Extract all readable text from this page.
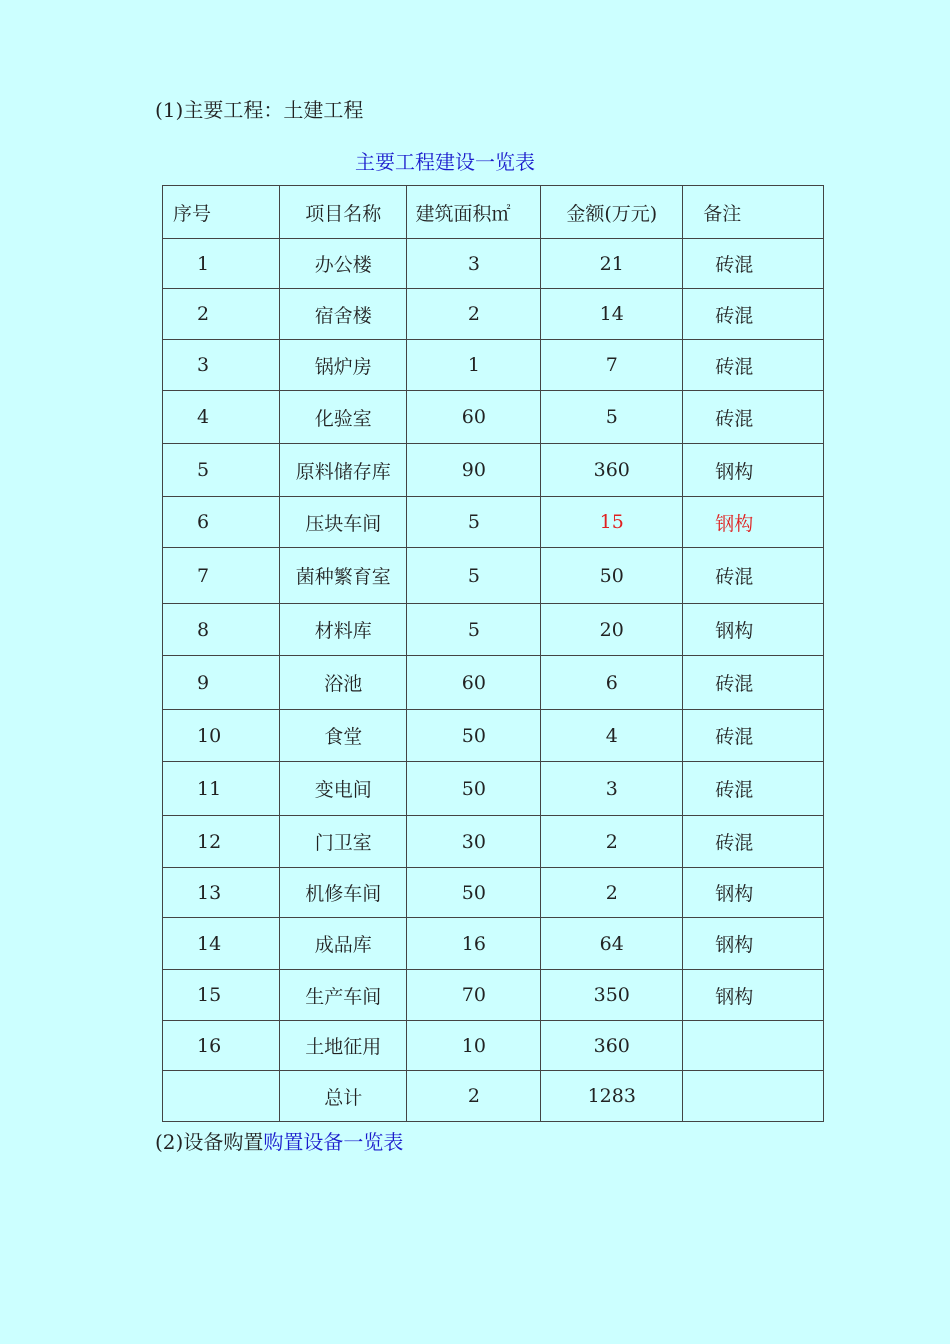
(1)主要工程：土建工程
主要工程建设一览表
序号	项目名称	建筑面积㎡	金额(万元)	备注
1	办公楼	3	21	砖混
2	宿舍楼	2	14	砖混
3	锅炉房	1	7	砖混
4	化验室	60	5	砖混
5	原料储存库	90	360	钢构
6	压块车间	5	15	钢构
7	菌种繁育室	5	50	砖混
8	材料库	5	20	钢构
9	浴池	60	6	砖混
10	食堂	50	4	砖混
11	变电间	50	3	砖混
12	门卫室	30	2	砖混
13	机修车间	50	2	钢构
14	成品库	16	64	钢构
15	生产车间	70	350	钢构
16	土地征用	10	360	
	总计	2	1283	
(2)设备购置购置设备一览表
